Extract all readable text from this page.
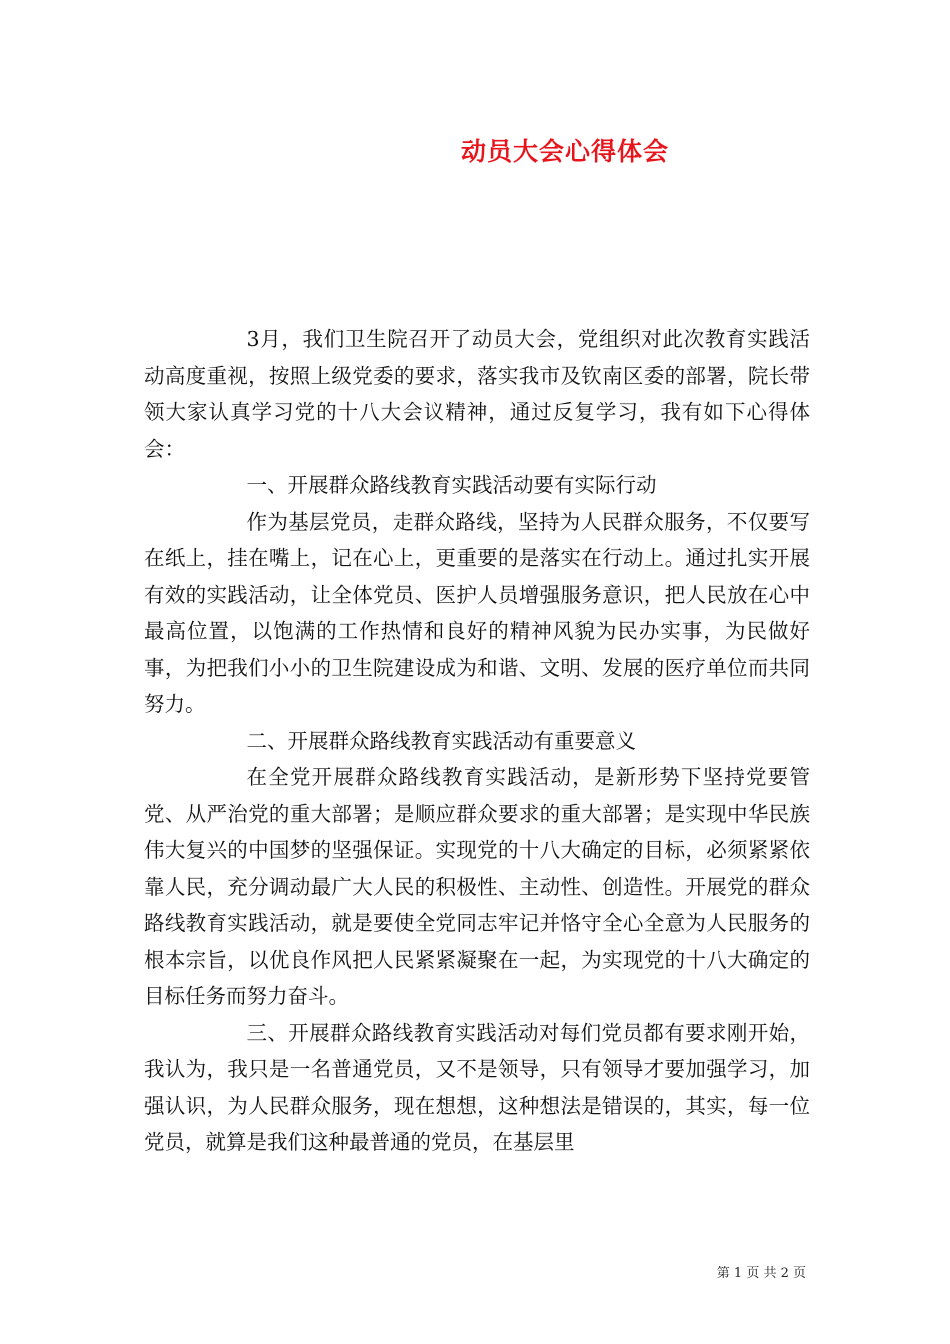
动员大会心得体会

3月，我们卫生院召开了动员大会，党组织对此次教育实践活动高度重视，按照上级党委的要求，落实我市及钦南区委的部署，院长带领大家认真学习党的十八大会议精神，通过反复学习，我有如下心得体会：

一、开展群众路线教育实践活动要有实际行动

作为基层党员，走群众路线，坚持为人民群众服务，不仅要写在纸上，挂在嘴上，记在心上，更重要的是落实在行动上。通过扎实开展有效的实践活动，让全体党员、医护人员增强服务意识，把人民放在心中最高位置，以饱满的工作热情和良好的精神风貌为民办实事，为民做好事，为把我们小小的卫生院建设成为和谐、文明、发展的医疗单位而共同努力。

二、开展群众路线教育实践活动有重要意义

在全党开展群众路线教育实践活动，是新形势下坚持党要管党、从严治党的重大部署；是顺应群众要求的重大部署；是实现中华民族伟大复兴的中国梦的坚强保证。实现党的十八大确定的目标，必须紧紧依靠人民，充分调动最广大人民的积极性、主动性、创造性。开展党的群众路线教育实践活动，就是要使全党同志牢记并恪守全心全意为人民服务的根本宗旨，以优良作风把人民紧紧凝聚在一起，为实现党的十八大确定的目标任务而努力奋斗。

三、开展群众路线教育实践活动对每们党员都有要求刚开始，我认为，我只是一名普通党员，又不是领导，只有领导才要加强学习，加强认识，为人民群众服务，现在想想，这种想法是错误的，其实，每一位党员，就算是我们这种最普通的党员，在基层里

第 1 页 共 2 页
